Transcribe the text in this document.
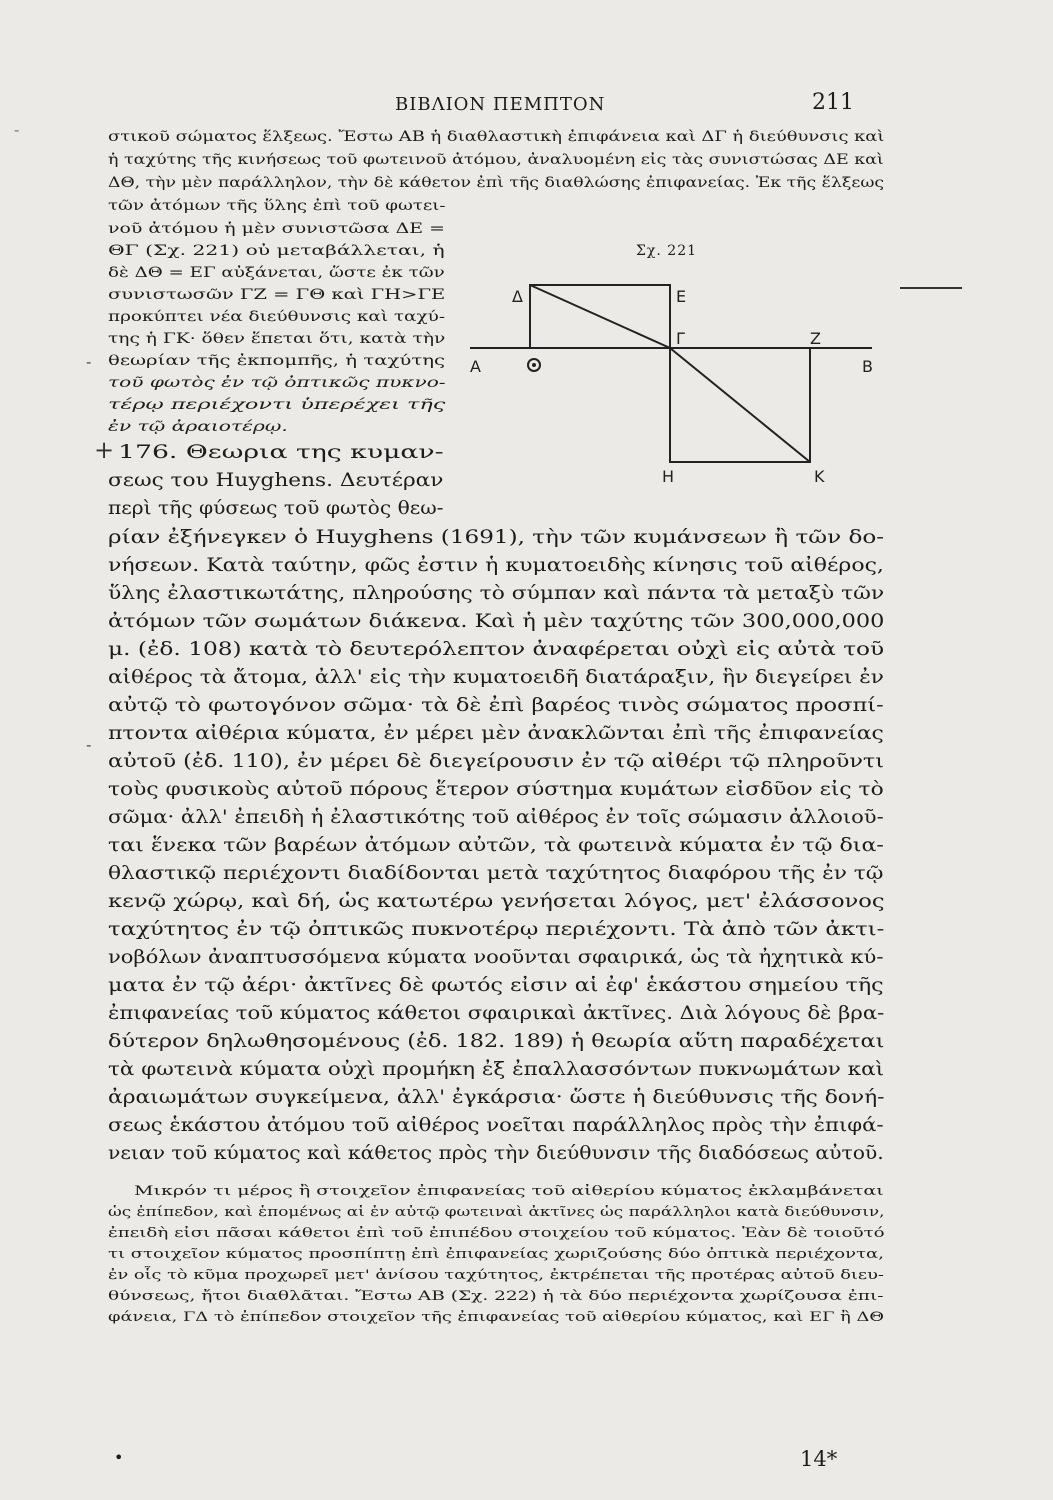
ΒΙΒΛΙΟΝ ΠΕΜΠΤΟΝ	211
-	στικοῦ σώματος ἕλξεως. Ἔστω ΑΒ ἡ διαθλαστικὴ ἐπιφάνεια καὶ ΔΓ ἡ διεύθυνσις καὶ
ἡ ταχύτης τῆς κινήσεως τοῦ φωτεινοῦ ἀτόμου, ἀναλυομένη εἰς τὰς συνιστώσας ΔΕ καὶ
ΔΘ, τὴν μὲν παράλληλον, τὴν δὲ κάθετον ἐπὶ τῆς διαθλώσης ἐπιφανείας. Ἐκ τῆς ἕλξεως
τῶν ἀτόμων τῆς ὕλης ἐπὶ τοῦ φωτει-
νοῦ ἀτόμου ἡ μὲν συνιστῶσα ΔΕ =
ΘΓ (Σχ. 221) οὐ μεταβάλλεται, ἡ
δὲ ΔΘ = ΕΓ αὐξάνεται, ὥστε ἐκ τῶν
συνιστωσῶν ΓΖ = ΓΘ καὶ ΓΗ>ΓΕ
προκύπτει νέα διεύθυνσις καὶ ταχύ-
της ἡ ΓΚ· ὅθεν ἕπεται ὅτι, κατὰ τὴν
θεωρίαν τῆς ἐκπομπῆς, ἡ ταχύτης
τοῦ φωτὸς ἐν τῷ ὀπτικῶς πυκνο-
τέρῳ περιέχοντι ὑπερέχει τῆς
ἐν τῷ ἀραιοτέρῳ.
-
+ 176. Θεωρια της κυμαν-
σεως του Huyghens. Δευτέραν
περὶ τῆς φύσεως τοῦ φωτὸς θεω-
Σχ. 221
Α	Β
Δ	Ε
Γ	Ζ
Η	Κ
ρίαν ἐξήνεγκεν ὁ Huyghens (1691), τὴν τῶν κυμάνσεων ἢ τῶν δο-
νήσεων. Κατὰ ταύτην, φῶς ἐστιν ἡ κυματοειδὴς κίνησις τοῦ αἰθέρος,
ὕλης ἐλαστικωτάτης, πληρούσης τὸ σύμπαν καὶ πάντα τὰ μεταξὺ τῶν
ἀτόμων τῶν σωμάτων διάκενα. Καὶ ἡ μὲν ταχύτης τῶν 300,000,000
μ. (ἐδ. 108) κατὰ τὸ δευτερόλεπτον ἀναφέρεται οὐχὶ εἰς αὐτὰ τοῦ
αἰθέρος τὰ ἄτομα, ἀλλ' εἰς τὴν κυματοειδῆ διατάραξιν, ἣν διεγείρει ἐν
αὐτῷ τὸ φωτογόνον σῶμα· τὰ δὲ ἐπὶ βαρέος τινὸς σώματος προσπί-
πτοντα αἰθέρια κύματα, ἐν μέρει μὲν ἀνακλῶνται ἐπὶ τῆς ἐπιφανείας
-
αὐτοῦ (ἐδ. 110), ἐν μέρει δὲ διεγείρουσιν ἐν τῷ αἰθέρι τῷ πληροῦντι
τοὺς φυσικοὺς αὐτοῦ πόρους ἕτερον σύστημα κυμάτων εἰσδῦον εἰς τὸ
σῶμα· ἀλλ' ἐπειδὴ ἡ ἐλαστικότης τοῦ αἰθέρος ἐν τοῖς σώμασιν ἀλλοιοῦ-
ται ἕνεκα τῶν βαρέων ἀτόμων αὐτῶν, τὰ φωτεινὰ κύματα ἐν τῷ δια-
θλαστικῷ περιέχοντι διαδίδονται μετὰ ταχύτητος διαφόρου τῆς ἐν τῷ
κενῷ χώρῳ, καὶ δή, ὡς κατωτέρω γενήσεται λόγος, μετ' ἐλάσσονος
ταχύτητος ἐν τῷ ὀπτικῶς πυκνοτέρῳ περιέχοντι. Τὰ ἀπὸ τῶν ἀκτι-
νοβόλων ἀναπτυσσόμενα κύματα νοοῦνται σφαιρικά, ὡς τὰ ἠχητικὰ κύ-
ματα ἐν τῷ ἀέρι· ἀκτῖνες δὲ φωτός εἰσιν αἱ ἐφ' ἑκάστου σημείου τῆς
ἐπιφανείας τοῦ κύματος κάθετοι σφαιρικαὶ ἀκτῖνες. Διὰ λόγους δὲ βρα-
δύτερον δηλωθησομένους (ἐδ. 182. 189) ἡ θεωρία αὕτη παραδέχεται
τὰ φωτεινὰ κύματα οὐχὶ προμήκη ἐξ ἐπαλλασσόντων πυκνωμάτων καὶ
ἀραιωμάτων συγκείμενα, ἀλλ' ἐγκάρσια· ὥστε ἡ διεύθυνσις τῆς δονή-
σεως ἑκάστου ἀτόμου τοῦ αἰθέρος νοεῖται παράλληλος πρὸς τὴν ἐπιφά-
νειαν τοῦ κύματος καὶ κάθετος πρὸς τὴν διεύθυνσιν τῆς διαδόσεως αὐτοῦ.
Μικρόν τι μέρος ἢ στοιχεῖον ἐπιφανείας τοῦ αἰθερίου κύματος ἐκλαμβάνεται
ὡς ἐπίπεδον, καὶ ἑπομένως αἱ ἐν αὐτῷ φωτειναὶ ἀκτῖνες ὡς παράλληλοι κατὰ διεύθυνσιν,
ἐπειδὴ εἰσι πᾶσαι κάθετοι ἐπὶ τοῦ ἐπιπέδου στοιχείου τοῦ κύματος. Ἐὰν δὲ τοιοῦτό
τι στοιχεῖον κύματος προσπίπτῃ ἐπὶ ἐπιφανείας χωριζούσης δύο ὀπτικὰ περιέχοντα,
ἐν οἷς τὸ κῦμα προχωρεῖ μετ' ἀνίσου ταχύτητος, ἐκτρέπεται τῆς προτέρας αὐτοῦ διευ-
θύνσεως, ἤτοι διαθλᾶται. Ἔστω ΑΒ (Σχ. 222) ἡ τὰ δύο περιέχοντα χωρίζουσα ἐπι-
φάνεια, ΓΔ τὸ ἐπίπεδον στοιχεῖον τῆς ἐπιφανείας τοῦ αἰθερίου κύματος, καὶ ΕΓ ἢ ΔΘ
•	14*
